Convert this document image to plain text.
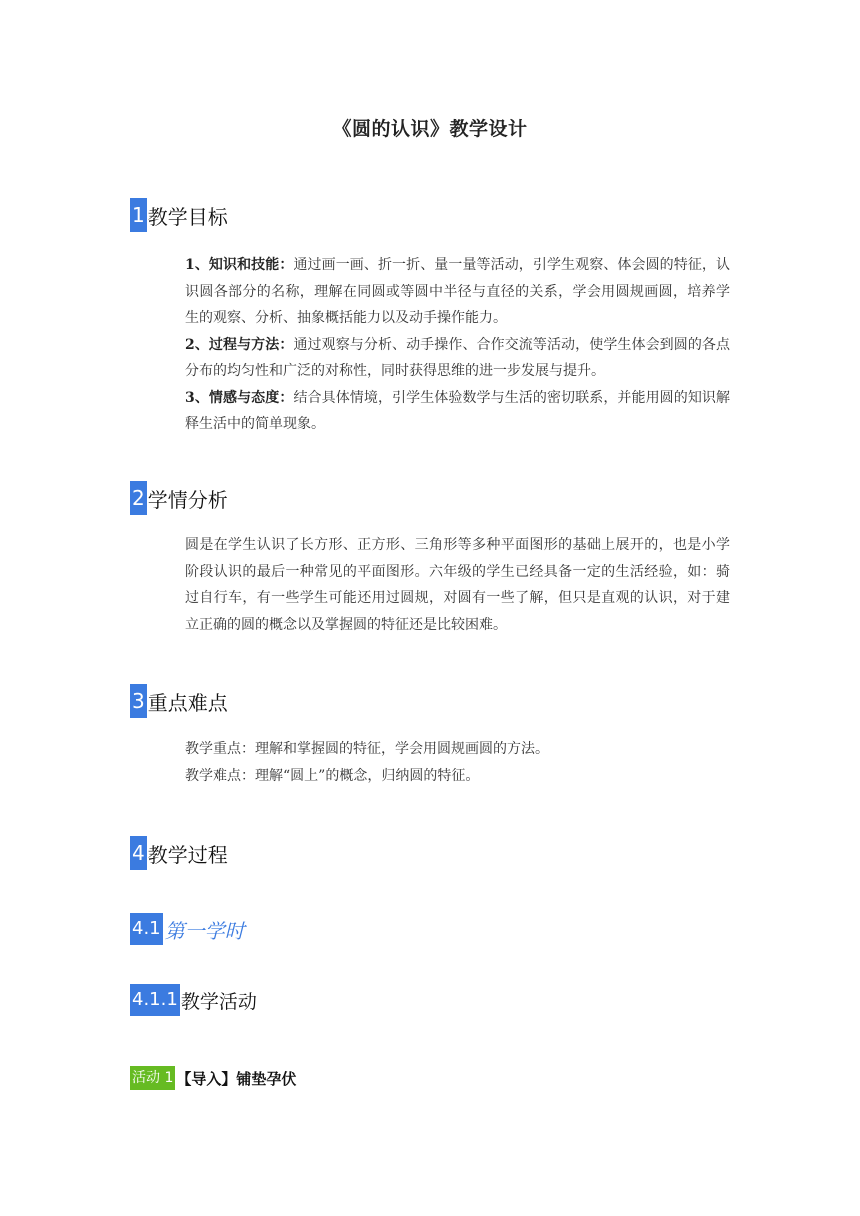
《圆的认识》教学设计
1 教学目标

1、知识和技能：通过画一画、折一折、量一量等活动，引学生观察、体会圆的特征，认识圆各部分的名称，理解在同圆或等圆中半径与直径的关系，学会用圆规画圆，培养学生的观察、分析、抽象概括能力以及动手操作能力。

2、过程与方法：通过观察与分析、动手操作、合作交流等活动，使学生体会到圆的各点分布的均匀性和广泛的对称性，同时获得思维的进一步发展与提升。

3、情感与态度：结合具体情境，引学生体验数学与生活的密切联系，并能用圆的知识解释生活中的简单现象。

2 学情分析

圆是在学生认识了长方形、正方形、三角形等多种平面图形的基础上展开的，也是小学阶段认识的最后一种常见的平面图形。六年级的学生已经具备一定的生活经验，如：骑过自行车，有一些学生可能还用过圆规，对圆有一些了解，但只是直观的认识，对于建立正确的圆的概念以及掌握圆的特征还是比较困难。

3 重点难点

教学重点：理解和掌握圆的特征，学会用圆规画圆的方法。

教学难点：理解“圆上”的概念，归纳圆的特征。

4 教学过程
4.1 第一学时
4.1.1 教学活动
活动 1 【导入】铺垫孕伏
